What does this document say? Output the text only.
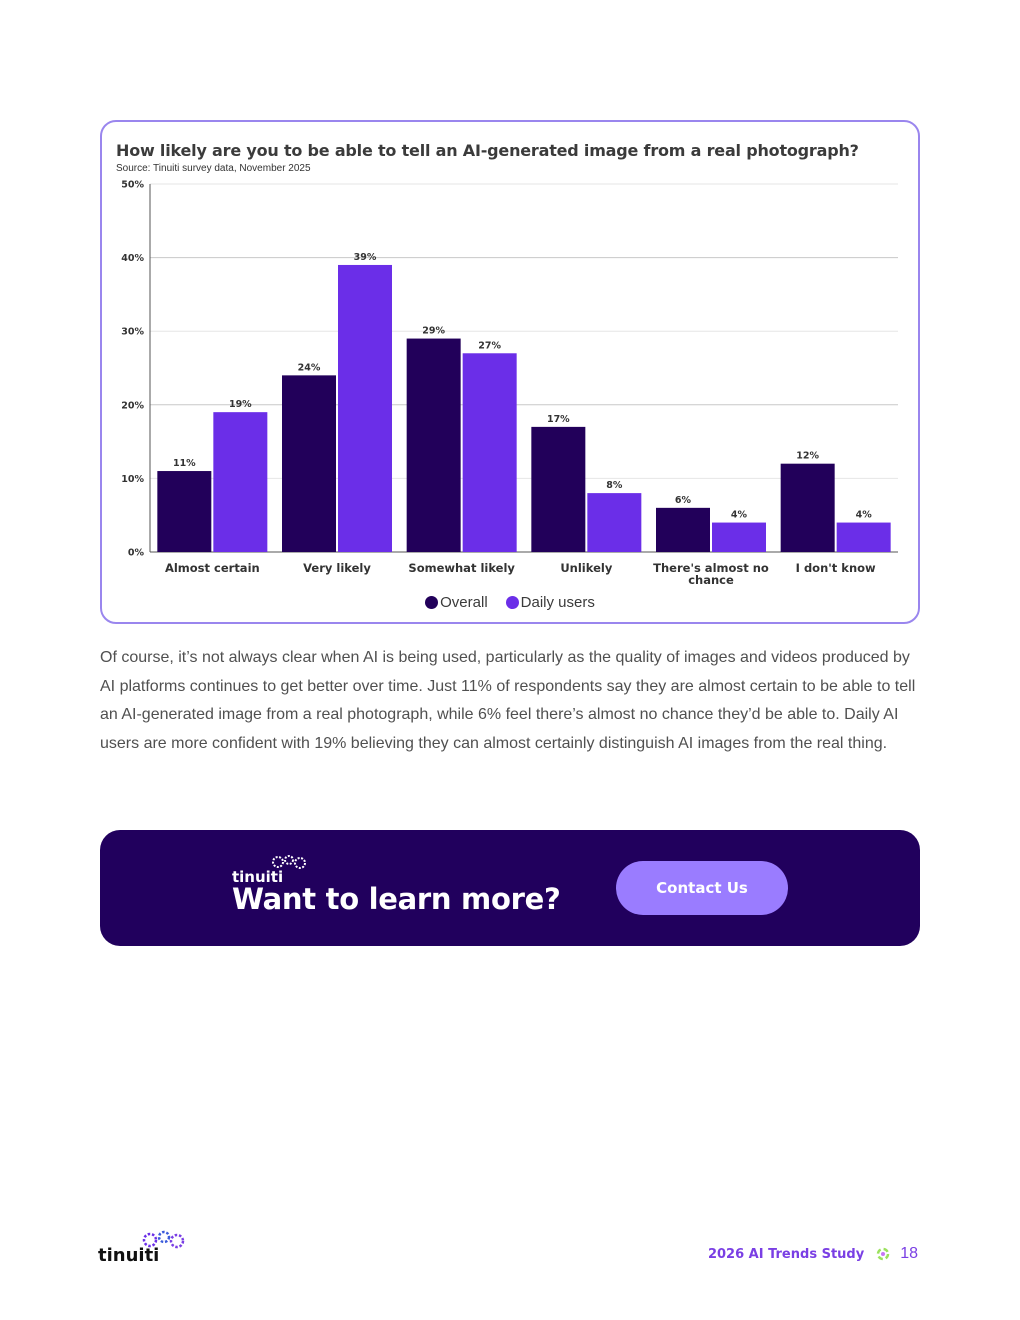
How likely are you to be able to tell an AI-generated image from a real photograph?
Source: Tinuiti survey data, November 2025
0%
10%
20%
30%
40%
50%
11%
19%
Almost certain
24%
39%
Very likely
29%
27%
Somewhat likely
17%
8%
Unlikely
6%
4%
There's almost no chance
12%
4%
I don't know
Overall Daily users

Of course, it’s not always clear when AI is being used, particularly as the quality of images and videos produced by AI platforms continues to get better over time. Just 11% of respondents say they are almost certain to be able to tell an AI-generated image from a real photograph, while 6% feel there’s almost no chance they’d be able to. Daily AI users are more confident with 19% believing they can almost certainly distinguish AI images from the real thing.

tinuiti
Want to learn more?	Contact Us
tinuiti	2026 AI Trends Study 18
